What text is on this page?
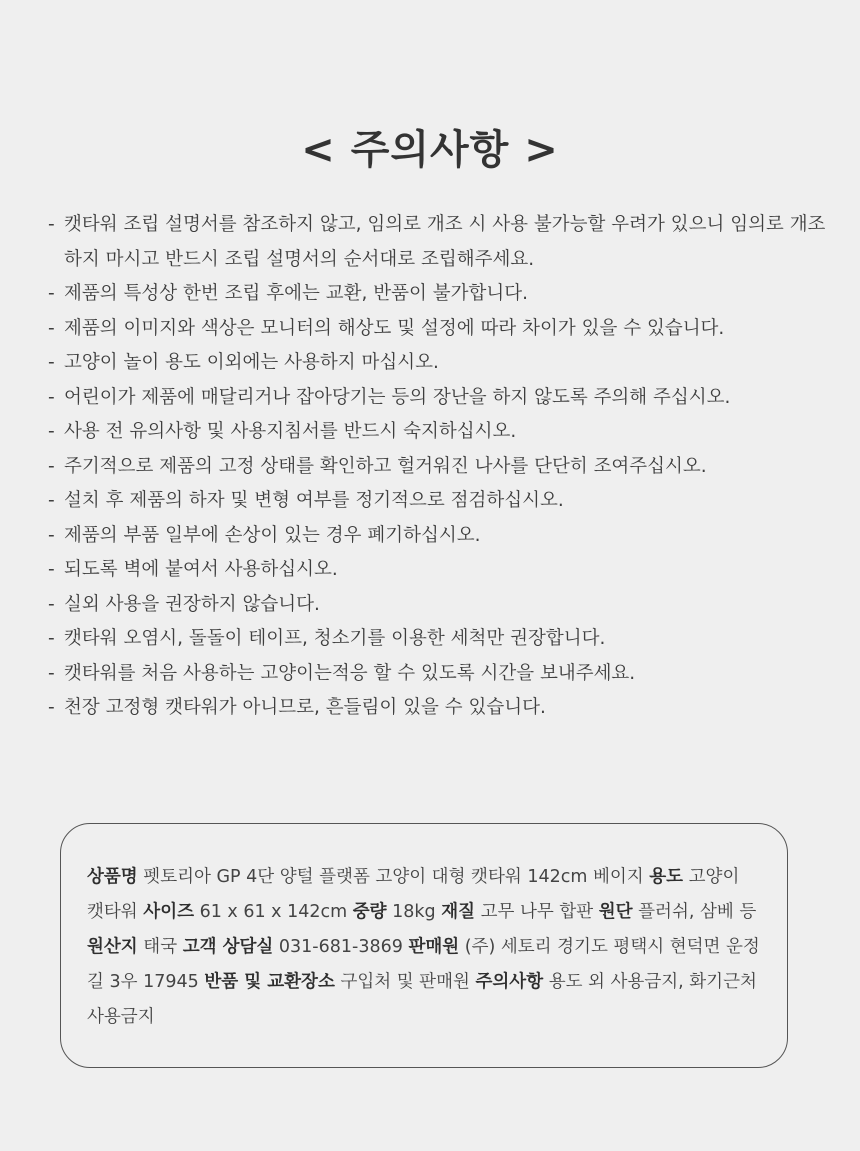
< 주의사항 >
- 캣타워 조립 설명서를 참조하지 않고, 임의로 개조 시 사용 불가능할 우려가 있으니 임의로 개조하지 마시고 반드시 조립 설명서의 순서대로 조립해주세요.
- 제품의 특성상 한번 조립 후에는 교환, 반품이 불가합니다.
- 제품의 이미지와 색상은 모니터의 해상도 및 설정에 따라 차이가 있을 수 있습니다.
- 고양이 놀이 용도 이외에는 사용하지 마십시오.
- 어린이가 제품에 매달리거나 잡아당기는 등의 장난을 하지 않도록 주의해 주십시오.
- 사용 전 유의사항 및 사용지침서를 반드시 숙지하십시오.
- 주기적으로 제품의 고정 상태를 확인하고 헐거워진 나사를 단단히 조여주십시오.
- 설치 후 제품의 하자 및 변형 여부를 정기적으로 점검하십시오.
- 제품의 부품 일부에 손상이 있는 경우 폐기하십시오.
- 되도록 벽에 붙여서 사용하십시오.
- 실외 사용을 권장하지 않습니다.
- 캣타워 오염시, 돌돌이 테이프, 청소기를 이용한 세척만 권장합니다.
- 캣타워를 처음 사용하는 고양이는적응 할 수 있도록 시간을 보내주세요.
- 천장 고정형 캣타워가 아니므로, 흔들림이 있을 수 있습니다.
상품명 펫토리아 GP 4단 양털 플랫폼 고양이 대형 캣타워 142cm 베이지 용도 고양이 캣타워 사이즈 61 x 61 x 142cm 중량 18kg 재질 고무 나무 합판 원단 플러쉬, 삼베 등 원산지 태국 고객 상담실 031-681-3869 판매원 (주) 세토리 경기도 평택시 현덕면 운정길 3우 17945 반품 및 교환장소 구입처 및 판매원 주의사항 용도 외 사용금지, 화기근처 사용금지
